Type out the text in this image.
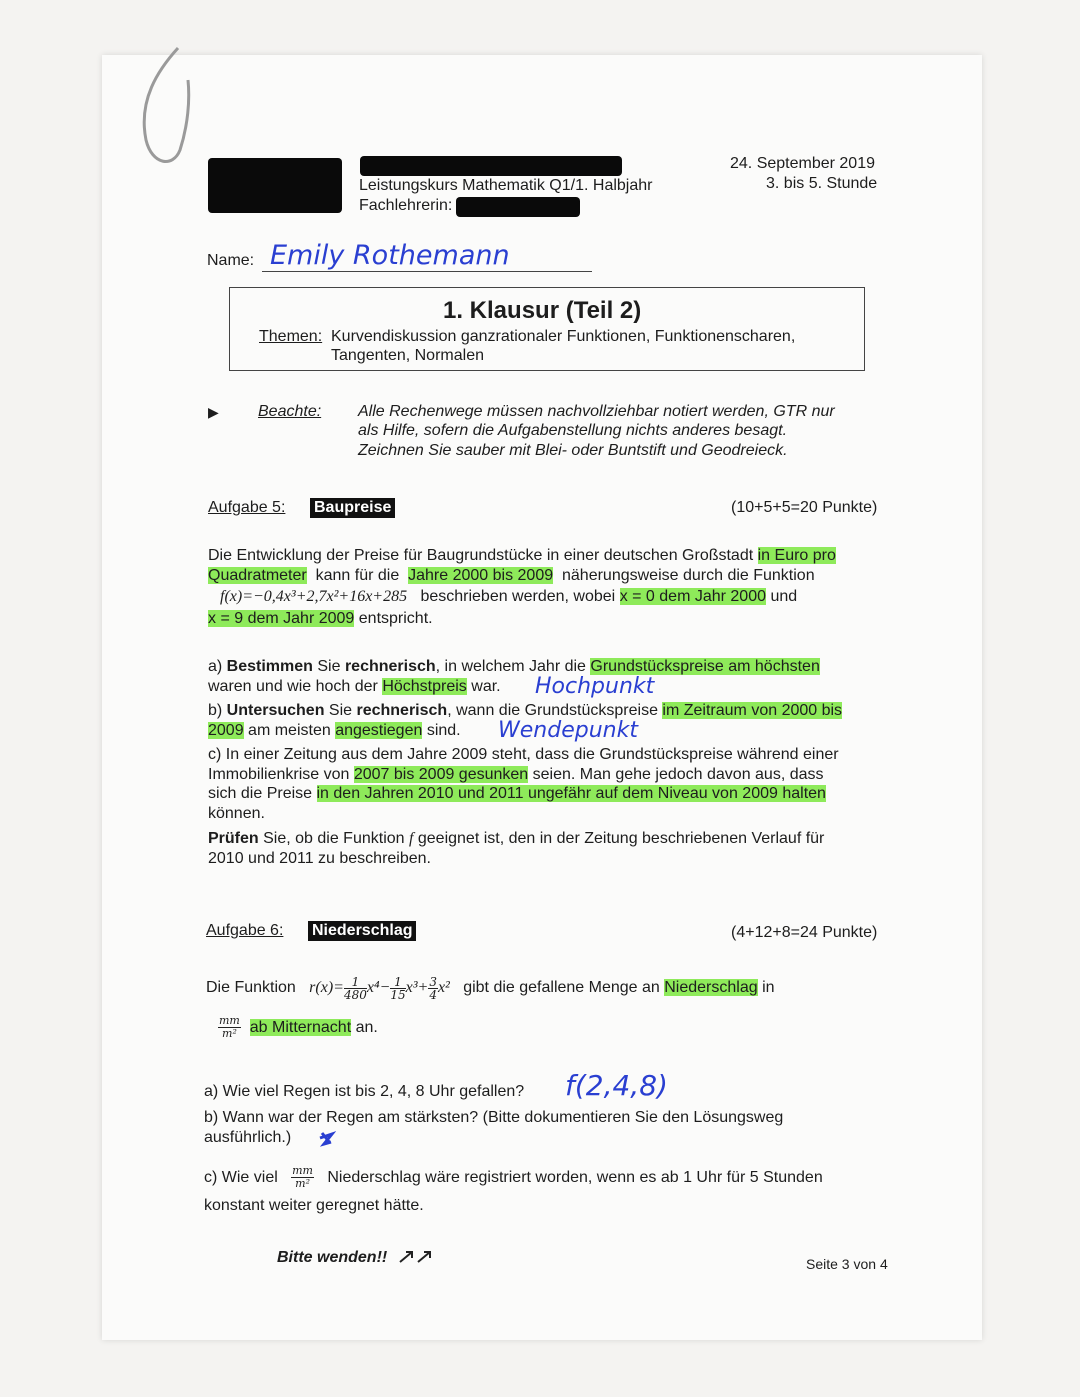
Leistungskurs Mathematik Q1/1. Halbjahr
Fachlehrerin:
24. September 2019
3. bis 5. Stunde
Name: Emily Rothemann
1. Klausur (Teil 2)
Themen: Kurvendiskussion ganzrationaler Funktionen, Funktionenscharen,
Tangenten, Normalen
▶ Beachte: Alle Rechenwege müssen nachvollziehbar notiert werden, GTR nur
als Hilfe, sofern die Aufgabenstellung nichts anderes besagt.
Zeichnen Sie sauber mit Blei- oder Buntstift und Geodreieck.
Aufgabe 5: Baupreise	(10+5+5=20 Punkte)
Die Entwicklung der Preise für Baugrundstücke in einer deutschen Großstadt in Euro pro
Quadratmeter kann für die Jahre 2000 bis 2009 näherungsweise durch die Funktion
f(x)=−0,4x³+2,7x²+16x+285 beschrieben werden, wobei x = 0 dem Jahr 2000 und
x = 9 dem Jahr 2009 entspricht.
a) Bestimmen Sie rechnerisch, in welchem Jahr die Grundstückspreise am höchsten
waren und wie hoch der Höchstpreis war. Hochpunkt
b) Untersuchen Sie rechnerisch, wann die Grundstückspreise im Zeitraum von 2000 bis
2009 am meisten angestiegen sind. Wendepunkt
c) In einer Zeitung aus dem Jahre 2009 steht, dass die Grundstückspreise während einer
Immobilienkrise von 2007 bis 2009 gesunken seien. Man gehe jedoch davon aus, dass
sich die Preise in den Jahren 2010 und 2011 ungefähr auf dem Niveau von 2009 halten
können.
Prüfen Sie, ob die Funktion f geeignet ist, den in der Zeitung beschriebenen Verlauf für
2010 und 2011 zu beschreiben.
Aufgabe 6: Niederschlag	(4+12+8=24 Punkte)
Die Funktion $r(x)= \frac{1}{480} x^4- \frac{1}{15} x^3+ \frac{3}{4} x^2$ gibt die gefallene Menge an Niederschlag in
$\frac{mm}{\text{m²}}$ ab Mitternacht an.
a) Wie viel Regen ist bis 2, 4, 8 Uhr gefallen? f(2,4,8)
b) Wann war der Regen am stärksten? (Bitte dokumentieren Sie den Lösungsweg
ausführlich.)
c) Wie viel $\frac{mm}{\text{m²}}$ Niederschlag wäre registriert worden, wenn es ab 1 Uhr für 5 Stunden
konstant weiter geregnet hätte.
Bitte wenden!!	Seite 3 von 4
